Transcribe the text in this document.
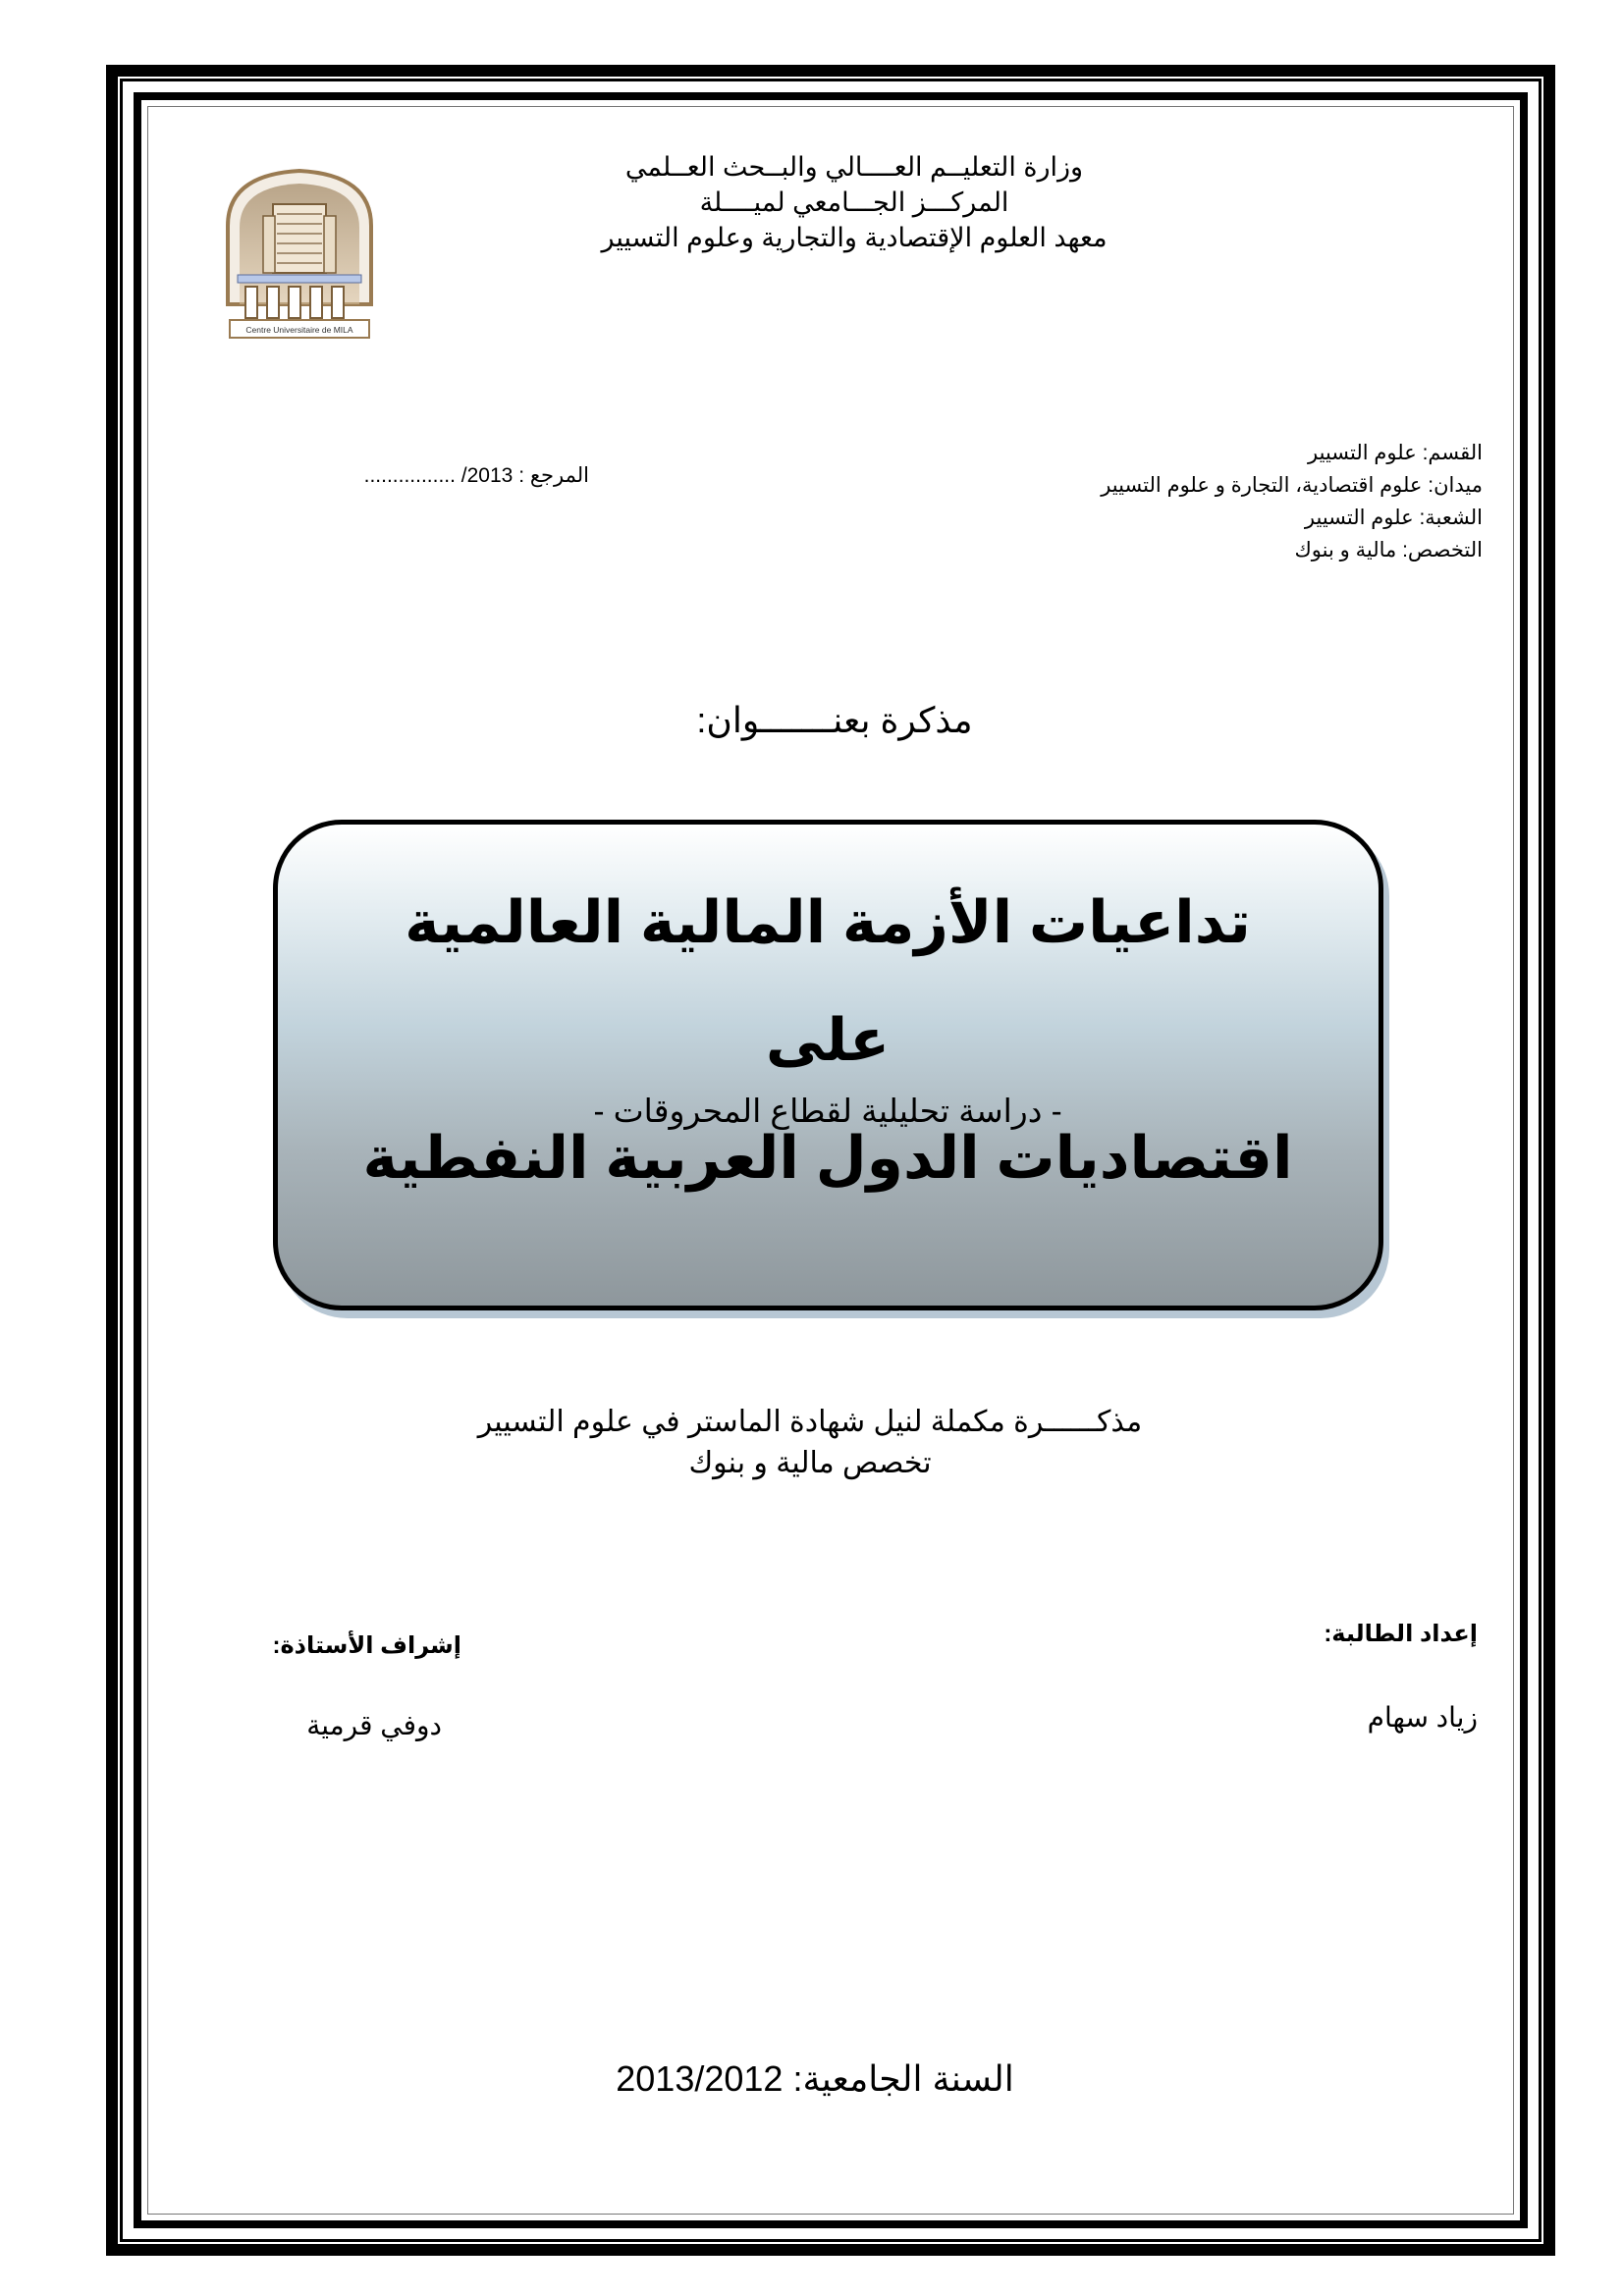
Centre Universitaire de MILA
وزارة التعليــم العــــالي والبــحث العــلمي
المركـــز الجـــامعي لميــــلة
معهد العلوم الإقتصادية والتجارية وعلوم التسيير
القسم: علوم التسيير
ميدان: علوم اقتصادية، التجارة و علوم التسيير
الشعبة: علوم التسيير
التخصص: مالية و بنوك
المرجع : ................ /2013
مذكرة بعنـــــــوان:
تداعيات الأزمة المالية العالمية على
اقتصاديات الدول العربية النفطية
- دراسة تحليلية لقطاع المحروقات -
مذكــــــرة مكملة لنيل شهادة الماستر في علوم التسيير
تخصص مالية و بنوك
إعداد الطالبة:
زياد سهام
إشراف الأستاذة:
دوفي قرمية
السنة الجامعية: 2013/2012
